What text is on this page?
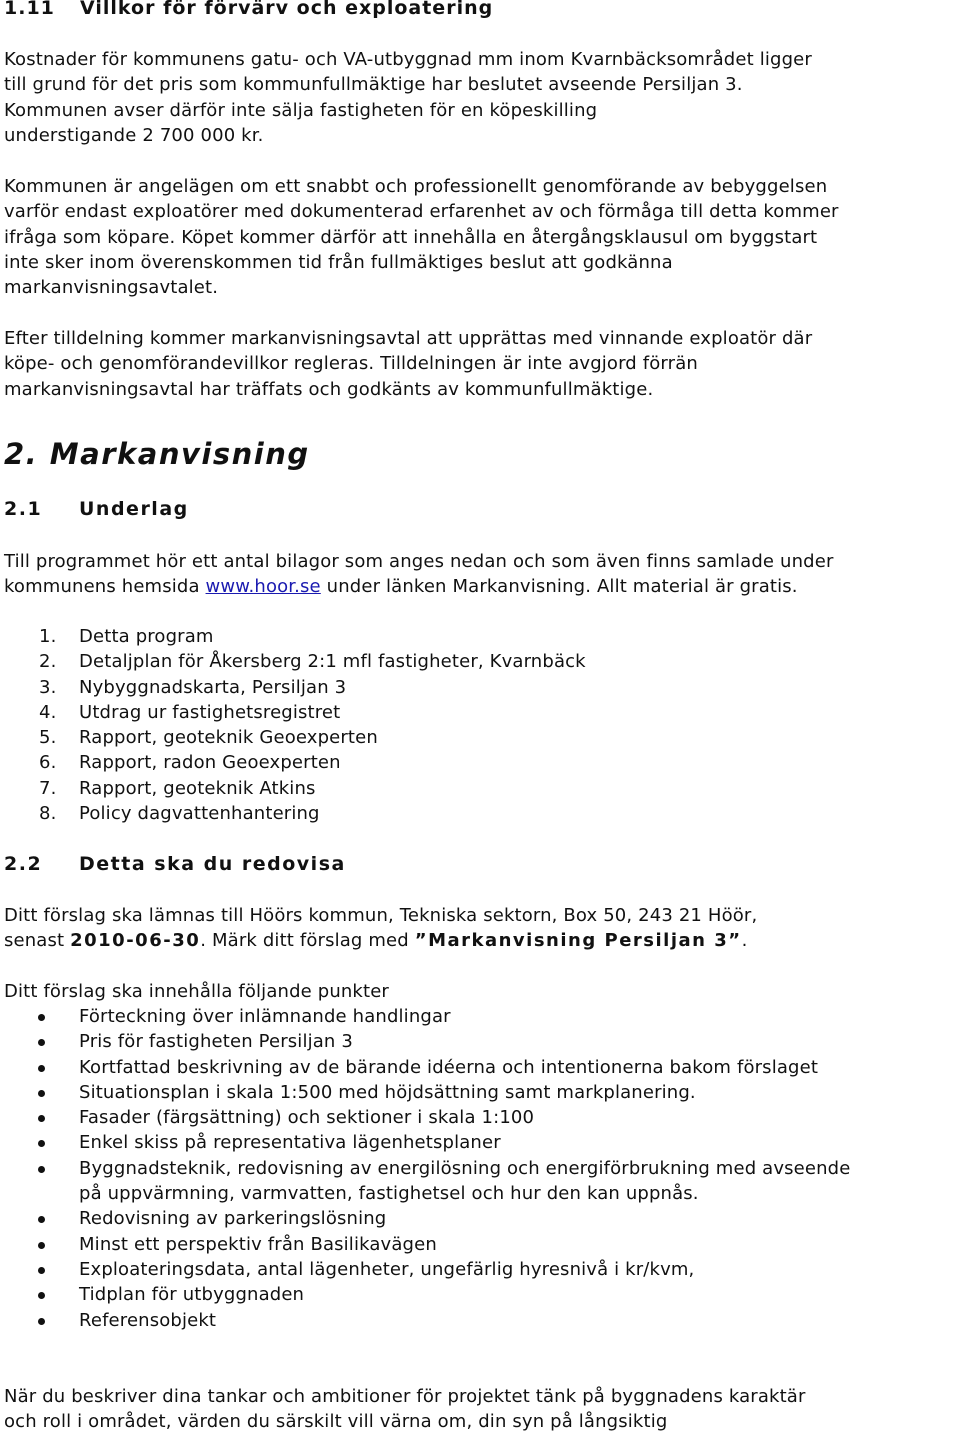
1.11 Villkor för förvärv och exploatering
Kostnader för kommunens gatu- och VA-utbyggnad mm inom Kvarnbäcksområdet ligger
till grund för det pris som kommunfullmäktige har beslutet avseende Persiljan 3.
Kommunen avser därför inte sälja fastigheten för en köpeskilling
understigande 2 700 000 kr.
Kommunen är angelägen om ett snabbt och professionellt genomförande av bebyggelsen
varför endast exploatörer med dokumenterad erfarenhet av och förmåga till detta kommer
ifråga som köpare. Köpet kommer därför att innehålla en återgångsklausul om byggstart
inte sker inom överenskommen tid från fullmäktiges beslut att godkänna
markanvisningsavtalet.
Efter tilldelning kommer markanvisningsavtal att upprättas med vinnande exploatör där
köpe- och genomförandevillkor regleras. Tilldelningen är inte avgjord förrän
markanvisningsavtal har träffats och godkänts av kommunfullmäktige.
2. Markanvisning
2.1 Underlag
Till programmet hör ett antal bilagor som anges nedan och som även finns samlade under
kommunens hemsida www.hoor.se under länken Markanvisning. Allt material är gratis.
1. Detta program
2. Detaljplan för Åkersberg 2:1 mfl fastigheter, Kvarnbäck
3. Nybyggnadskarta, Persiljan 3
4. Utdrag ur fastighetsregistret
5. Rapport, geoteknik Geoexperten
6. Rapport, radon Geoexperten
7. Rapport, geoteknik Atkins
8. Policy dagvattenhantering
2.2 Detta ska du redovisa
Ditt förslag ska lämnas till Höörs kommun, Tekniska sektorn, Box 50, 243 21 Höör,
senast 2010-06-30. Märk ditt förslag med ”Markanvisning Persiljan 3”.
Ditt förslag ska innehålla följande punkter
Förteckning över inlämnande handlingar
Pris för fastigheten Persiljan 3
Kortfattad beskrivning av de bärande idéerna och intentionerna bakom förslaget
Situationsplan i skala 1:500 med höjdsättning samt markplanering.
Fasader (färgsättning) och sektioner i skala 1:100
Enkel skiss på representativa lägenhetsplaner
Byggnadsteknik, redovisning av energilösning och energiförbrukning med avseende
på uppvärmning, varmvatten, fastighetsel och hur den kan uppnås.
Redovisning av parkeringslösning
Minst ett perspektiv från Basilikavägen
Exploateringsdata, antal lägenheter, ungefärlig hyresnivå i kr/kvm,
Tidplan för utbyggnaden
Referensobjekt
När du beskriver dina tankar och ambitioner för projektet tänk på byggnadens karaktär
och roll i området, värden du särskilt vill värna om, din syn på långsiktig
